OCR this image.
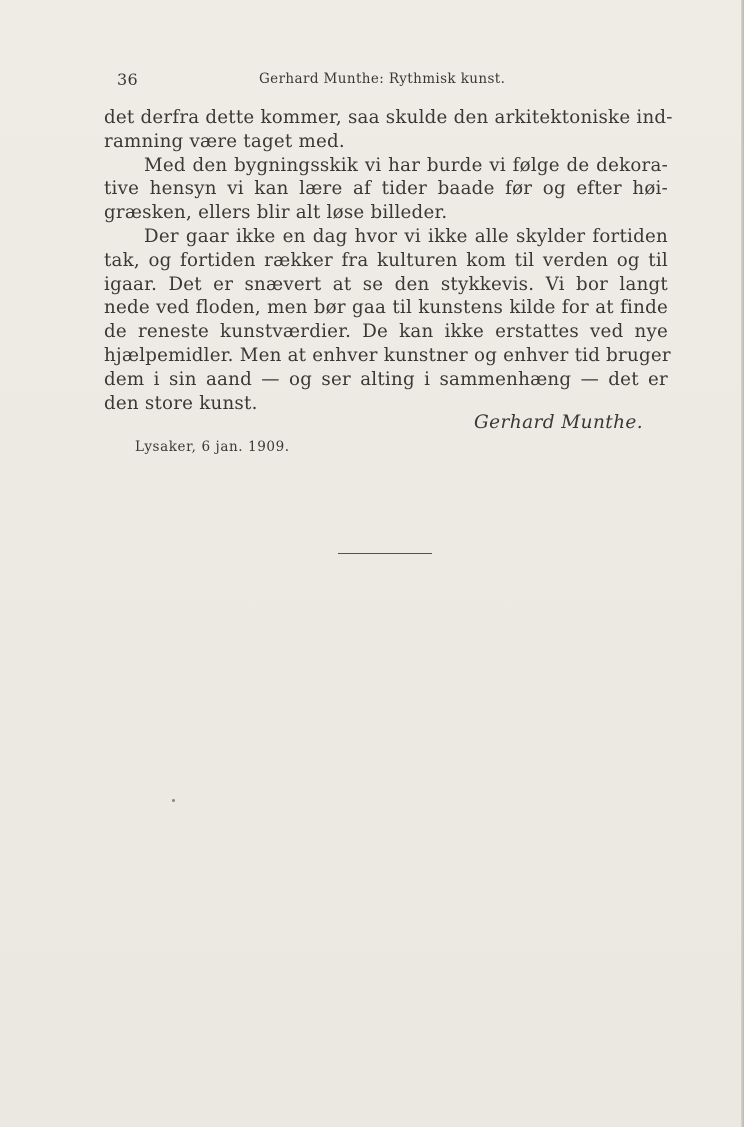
36	Gerhard Munthe: Rythmisk kunst.
det derfra dette kommer, saa skulde den arkitektoniske ind-
ramning være taget med.
Med den bygningsskik vi har burde vi følge de dekora-
tive hensyn vi kan lære af tider baade før og efter høi-
græsken, ellers blir alt løse billeder.
Der gaar ikke en dag hvor vi ikke alle skylder fortiden
tak, og fortiden rækker fra kulturen kom til verden og til
igaar. Det er snævert at se den stykkevis. Vi bor langt
nede ved floden, men bør gaa til kunstens kilde for at finde
de reneste kunstværdier. De kan ikke erstattes ved nye
hjælpemidler. Men at enhver kunstner og enhver tid bruger
dem i sin aand — og ser alting i sammenhæng — det er
den store kunst.
Gerhard Munthe.
Lysaker, 6 jan. 1909.
